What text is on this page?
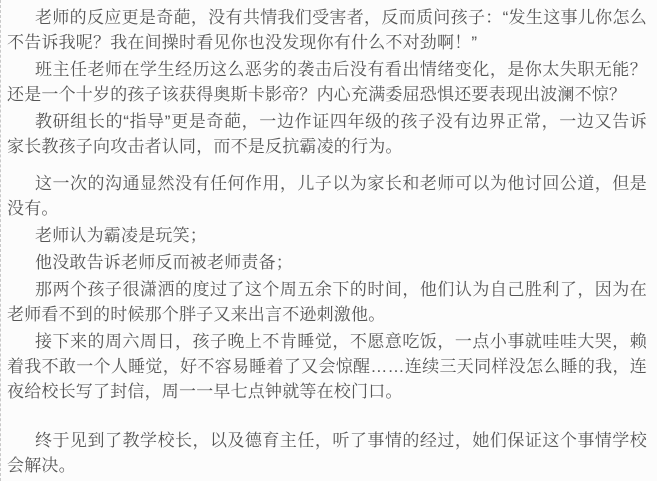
老师的反应更是奇葩，没有共情我们受害者，反而质问孩子：“发生这事儿你怎么不告诉我呢？我在间操时看见你也没发现你有什么不对劲啊！”

班主任老师在学生经历这么恶劣的袭击后没有看出情绪变化，是你太失职无能？还是一个十岁的孩子该获得奥斯卡影帝？内心充满委屈恐惧还要表现出波澜不惊？

教研组长的“指导”更是奇葩，一边作证四年级的孩子没有边界正常，一边又告诉家长教孩子向攻击者认同，而不是反抗霸凌的行为。

这一次的沟通显然没有任何作用，儿子以为家长和老师可以为他讨回公道，但是没有。

老师认为霸凌是玩笑；

他没敢告诉老师反而被老师责备；

那两个孩子很潇洒的度过了这个周五余下的时间，他们认为自己胜利了，因为在老师看不到的时候那个胖子又来出言不逊刺激他。

接下来的周六周日，孩子晚上不肯睡觉，不愿意吃饭，一点小事就哇哇大哭，赖着我不敢一个人睡觉，好不容易睡着了又会惊醒……连续三天同样没怎么睡的我，连夜给校长写了封信，周一一早七点钟就等在校门口。

终于见到了教学校长，以及德育主任，听了事情的经过，她们保证这个事情学校会解决。
